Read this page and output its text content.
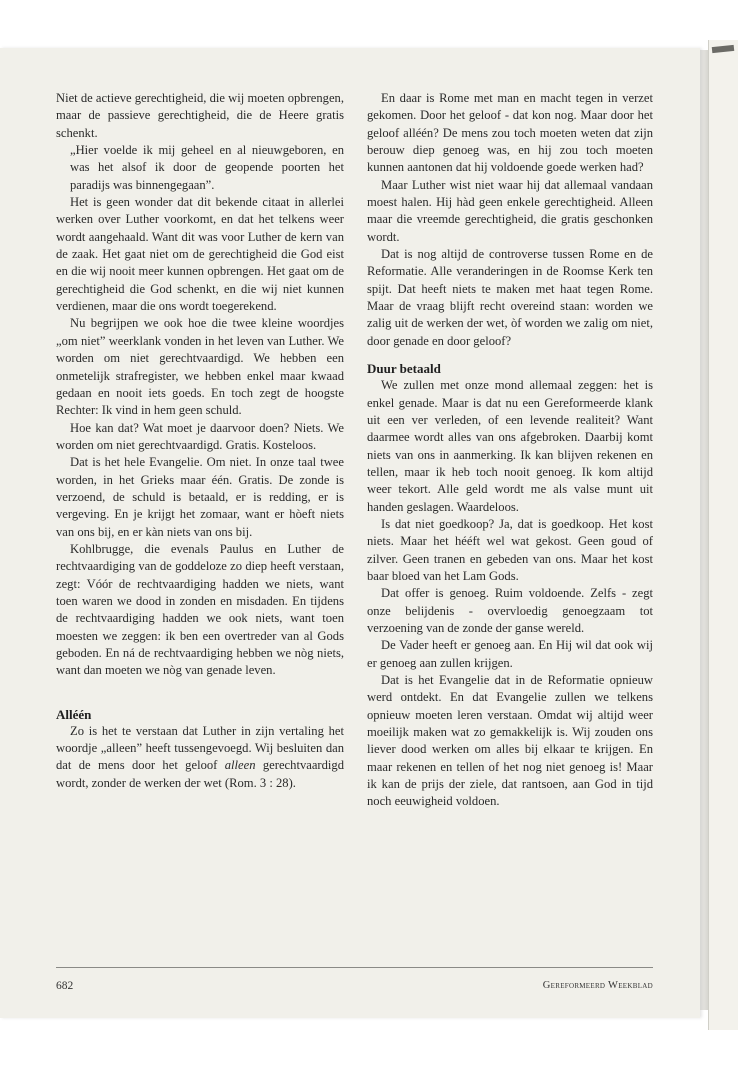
Niet de actieve gerechtigheid, die wij moeten opbrengen, maar de passieve gerechtigheid, die de Heere gratis schenkt.

„Hier voelde ik mij geheel en al nieuwgeboren, en was het alsof ik door de geopende poorten het paradijs was binnengegaan”.

Het is geen wonder dat dit bekende citaat in allerlei werken over Luther voorkomt, en dat het telkens weer wordt aangehaald. Want dit was voor Luther de kern van de zaak. Het gaat niet om de gerechtigheid die God eist en die wij nooit meer kunnen opbrengen. Het gaat om de gerechtigheid die God schenkt, en die wij niet kunnen verdienen, maar die ons wordt toegerekend.

Nu begrijpen we ook hoe die twee kleine woordjes „om niet” weerklank vonden in het leven van Luther. We worden om niet gerechtvaardigd. We hebben een onmetelijk strafregister, we hebben enkel maar kwaad gedaan en nooit iets goeds. En toch zegt de hoogste Rechter: Ik vind in hem geen schuld.

Hoe kan dat? Wat moet je daarvoor doen? Niets. We worden om niet gerechtvaardigd. Gratis. Kosteloos.

Dat is het hele Evangelie. Om niet. In onze taal twee worden, in het Grieks maar één. Gratis. De zonde is verzoend, de schuld is betaald, er is redding, er is vergeving. En je krijgt het zomaar, want er hòeft niets van ons bij, en er kàn niets van ons bij.

Kohlbrugge, die evenals Paulus en Luther de rechtvaardiging van de goddeloze zo diep heeft verstaan, zegt: Vóór de rechtvaardiging hadden we niets, want toen waren we dood in zonden en misdaden. En tijdens de rechtvaardiging hadden we ook niets, want toen moesten we zeggen: ik ben een overtreder van al Gods geboden. En ná de rechtvaardiging hebben we nòg niets, want dan moeten we nòg van genade leven.

Alléén

Zo is het te verstaan dat Luther in zijn vertaling het woordje „alleen” heeft tussengevoegd. Wij besluiten dan dat de mens door het geloof alleen gerechtvaardigd wordt, zonder de werken der wet (Rom. 3 : 28).

En daar is Rome met man en macht tegen in verzet gekomen. Door het geloof - dat kon nog. Maar door het geloof alléén? De mens zou toch moeten weten dat zijn berouw diep genoeg was, en hij zou toch moeten kunnen aantonen dat hij voldoende goede werken had?

Maar Luther wist niet waar hij dat allemaal vandaan moest halen. Hij hàd geen enkele gerechtigheid. Alleen maar die vreemde gerechtigheid, die gratis geschonken wordt.

Dat is nog altijd de controverse tussen Rome en de Reformatie. Alle veranderingen in de Roomse Kerk ten spijt. Dat heeft niets te maken met haat tegen Rome. Maar de vraag blijft recht overeind staan: worden we zalig uit de werken der wet, òf worden we zalig om niet, door genade en door geloof?

Duur betaald

We zullen met onze mond allemaal zeggen: het is enkel genade. Maar is dat nu een Gereformeerde klank uit een ver verleden, of een levende realiteit? Want daarmee wordt alles van ons afgebroken. Daarbij komt niets van ons in aanmerking. Ik kan blijven rekenen en tellen, maar ik heb toch nooit genoeg. Ik kom altijd weer tekort. Alle geld wordt me als valse munt uit handen geslagen. Waardeloos.

Is dat niet goedkoop? Ja, dat is goedkoop. Het kost niets. Maar het hééft wel wat gekost. Geen goud of zilver. Geen tranen en gebeden van ons. Maar het kost baar bloed van het Lam Gods.

Dat offer is genoeg. Ruim voldoende. Zelfs - zegt onze belijdenis - overvloedig genoegzaam tot verzoening van de zonde der ganse wereld.

De Vader heeft er genoeg aan. En Hij wil dat ook wij er genoeg aan zullen krijgen.

Dat is het Evangelie dat in de Reformatie opnieuw werd ontdekt. En dat Evangelie zullen we telkens opnieuw moeten leren verstaan. Omdat wij altijd weer moeilijk maken wat zo gemakkelijk is. Wij zouden ons liever dood werken om alles bij elkaar te krijgen. En maar rekenen en tellen of het nog niet genoeg is! Maar ik kan de prijs der ziele, dat rantsoen, aan God in tijd noch eeuwigheid voldoen.

682	Gereformeerd Weekblad
